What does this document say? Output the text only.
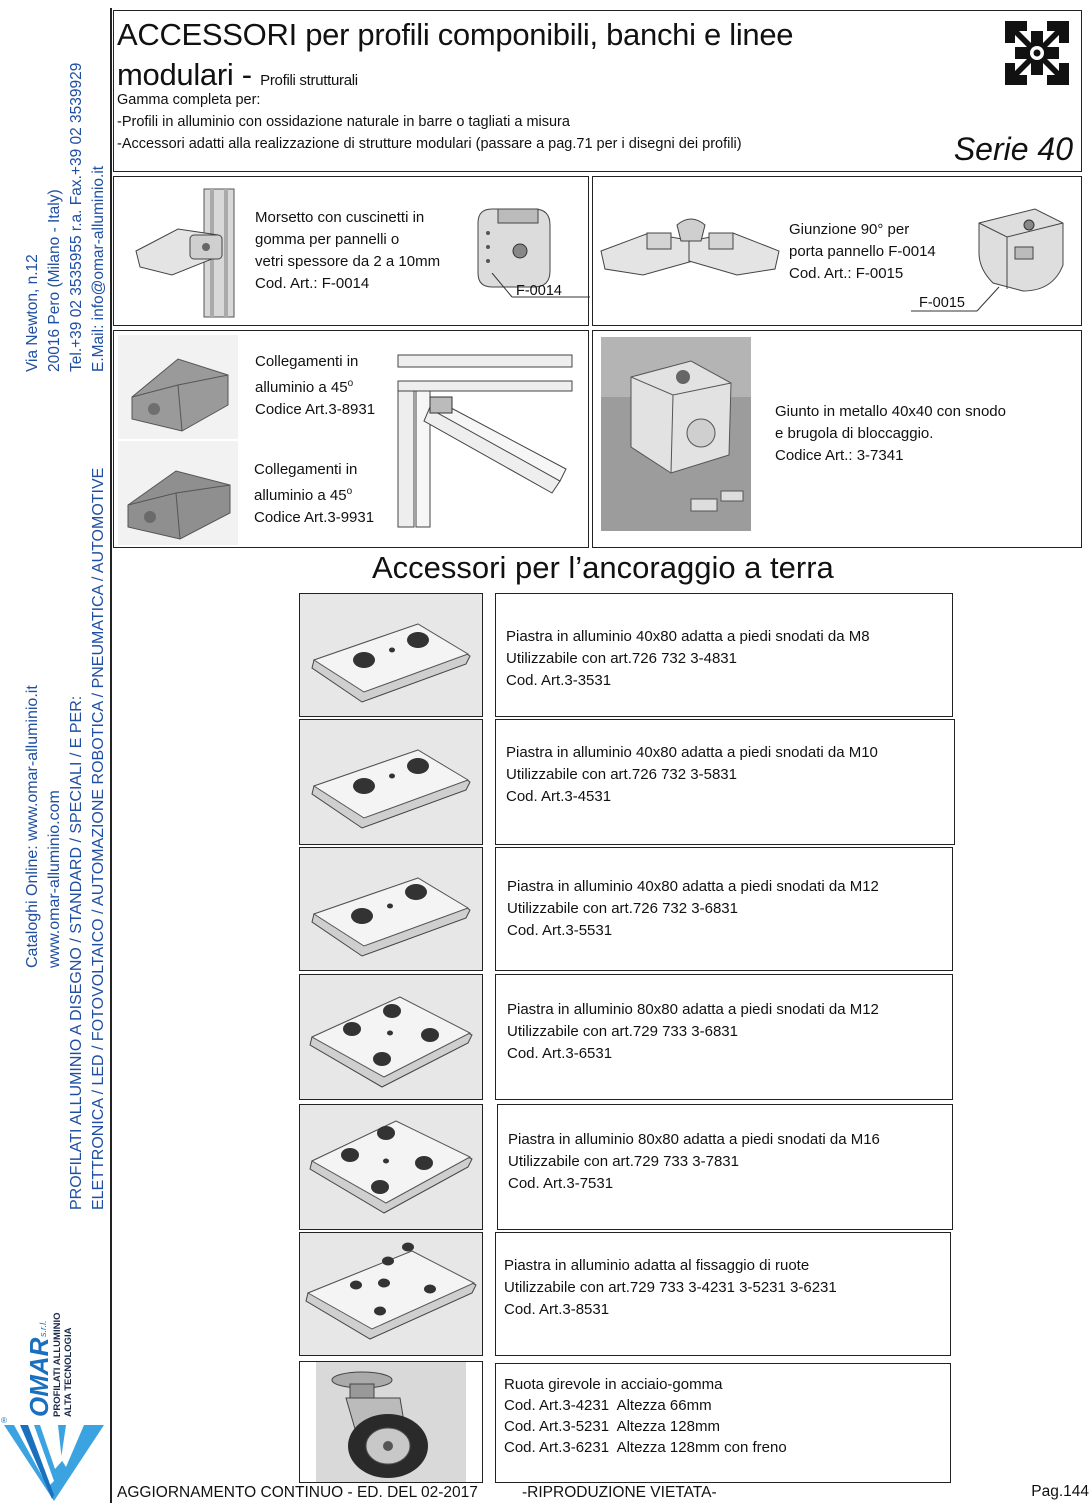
Via Newton, n.12 20016 Pero (Milano - Italy) Tel.+39 02 3535955 r.a. Fax.+39 02 3539929 E.Mail: info@omar-alluminio.it
Cataloghi Online: www.omar-alluminio.it www.omar-alluminio.com PROFILATI ALLUMINIO A DISEGNO / STANDARD / SPECIALI / E PER: ELETTRONICA / LED / FOTOVOLTAICO / AUTOMAZIONE ROBOTICA / PNEUMATICA / AUTOMOTIVE
OMAR
s.r.l. PROFILATI ALLUMINIO ALTA TECNOLOGIA
®
ACCESSORI per profili componibili, banchi e linee modulari - Profili strutturali
Gamma completa per:
-Profili in alluminio con ossidazione naturale in barre o tagliati a misura
-Accessori adatti alla realizzazione di strutture modulari (passare a pag.71 per i disegni dei profili)	Serie 40
Morsetto con cuscinetti in
gomma per pannelli o
vetri spessore da 2 a 10mm
Cod. Art.: F-0014	F-0014
Giunzione 90° per
porta pannello F-0014
Cod. Art.: F-0015
F-0015
Collegamenti in
alluminio a 45$^o$
Codice Art.3-8931
Collegamenti in
alluminio a 45$^o$
Codice Art.3-9931
Giunto in metallo 40x40 con snodo
e brugola di bloccaggio.
Codice Art.: 3-7341
Accessori per l’ancoraggio a terra
Piastra in alluminio 40x80 adatta a piedi snodati da M8
Utilizzabile con art.726 732 3-4831
Cod. Art.3-3531
Piastra in alluminio 40x80 adatta a piedi snodati da M10
Utilizzabile con art.726 732 3-5831
Cod. Art.3-4531
Piastra in alluminio 40x80 adatta a piedi snodati da M12
Utilizzabile con art.726 732 3-6831
Cod. Art.3-5531
Piastra in alluminio 80x80 adatta a piedi snodati da M12
Utilizzabile con art.729 733 3-6831
Cod. Art.3-6531
Piastra in alluminio 80x80 adatta a piedi snodati da M16
Utilizzabile con art.729 733 3-7831
Cod. Art.3-7531
Piastra in alluminio adatta al fissaggio di ruote
Utilizzabile con art.729 733 3-4231 3-5231 3-6231
Cod. Art.3-8531
Ruota girevole in acciaio-gomma
Cod. Art.3-4231  Altezza 66mm
Cod. Art.3-5231  Altezza 128mm
Cod. Art.3-6231  Altezza 128mm con freno
AGGIORNAMENTO CONTINUO - ED. DEL 02-2017	-RIPRODUZIONE VIETATA-	Pag.144
